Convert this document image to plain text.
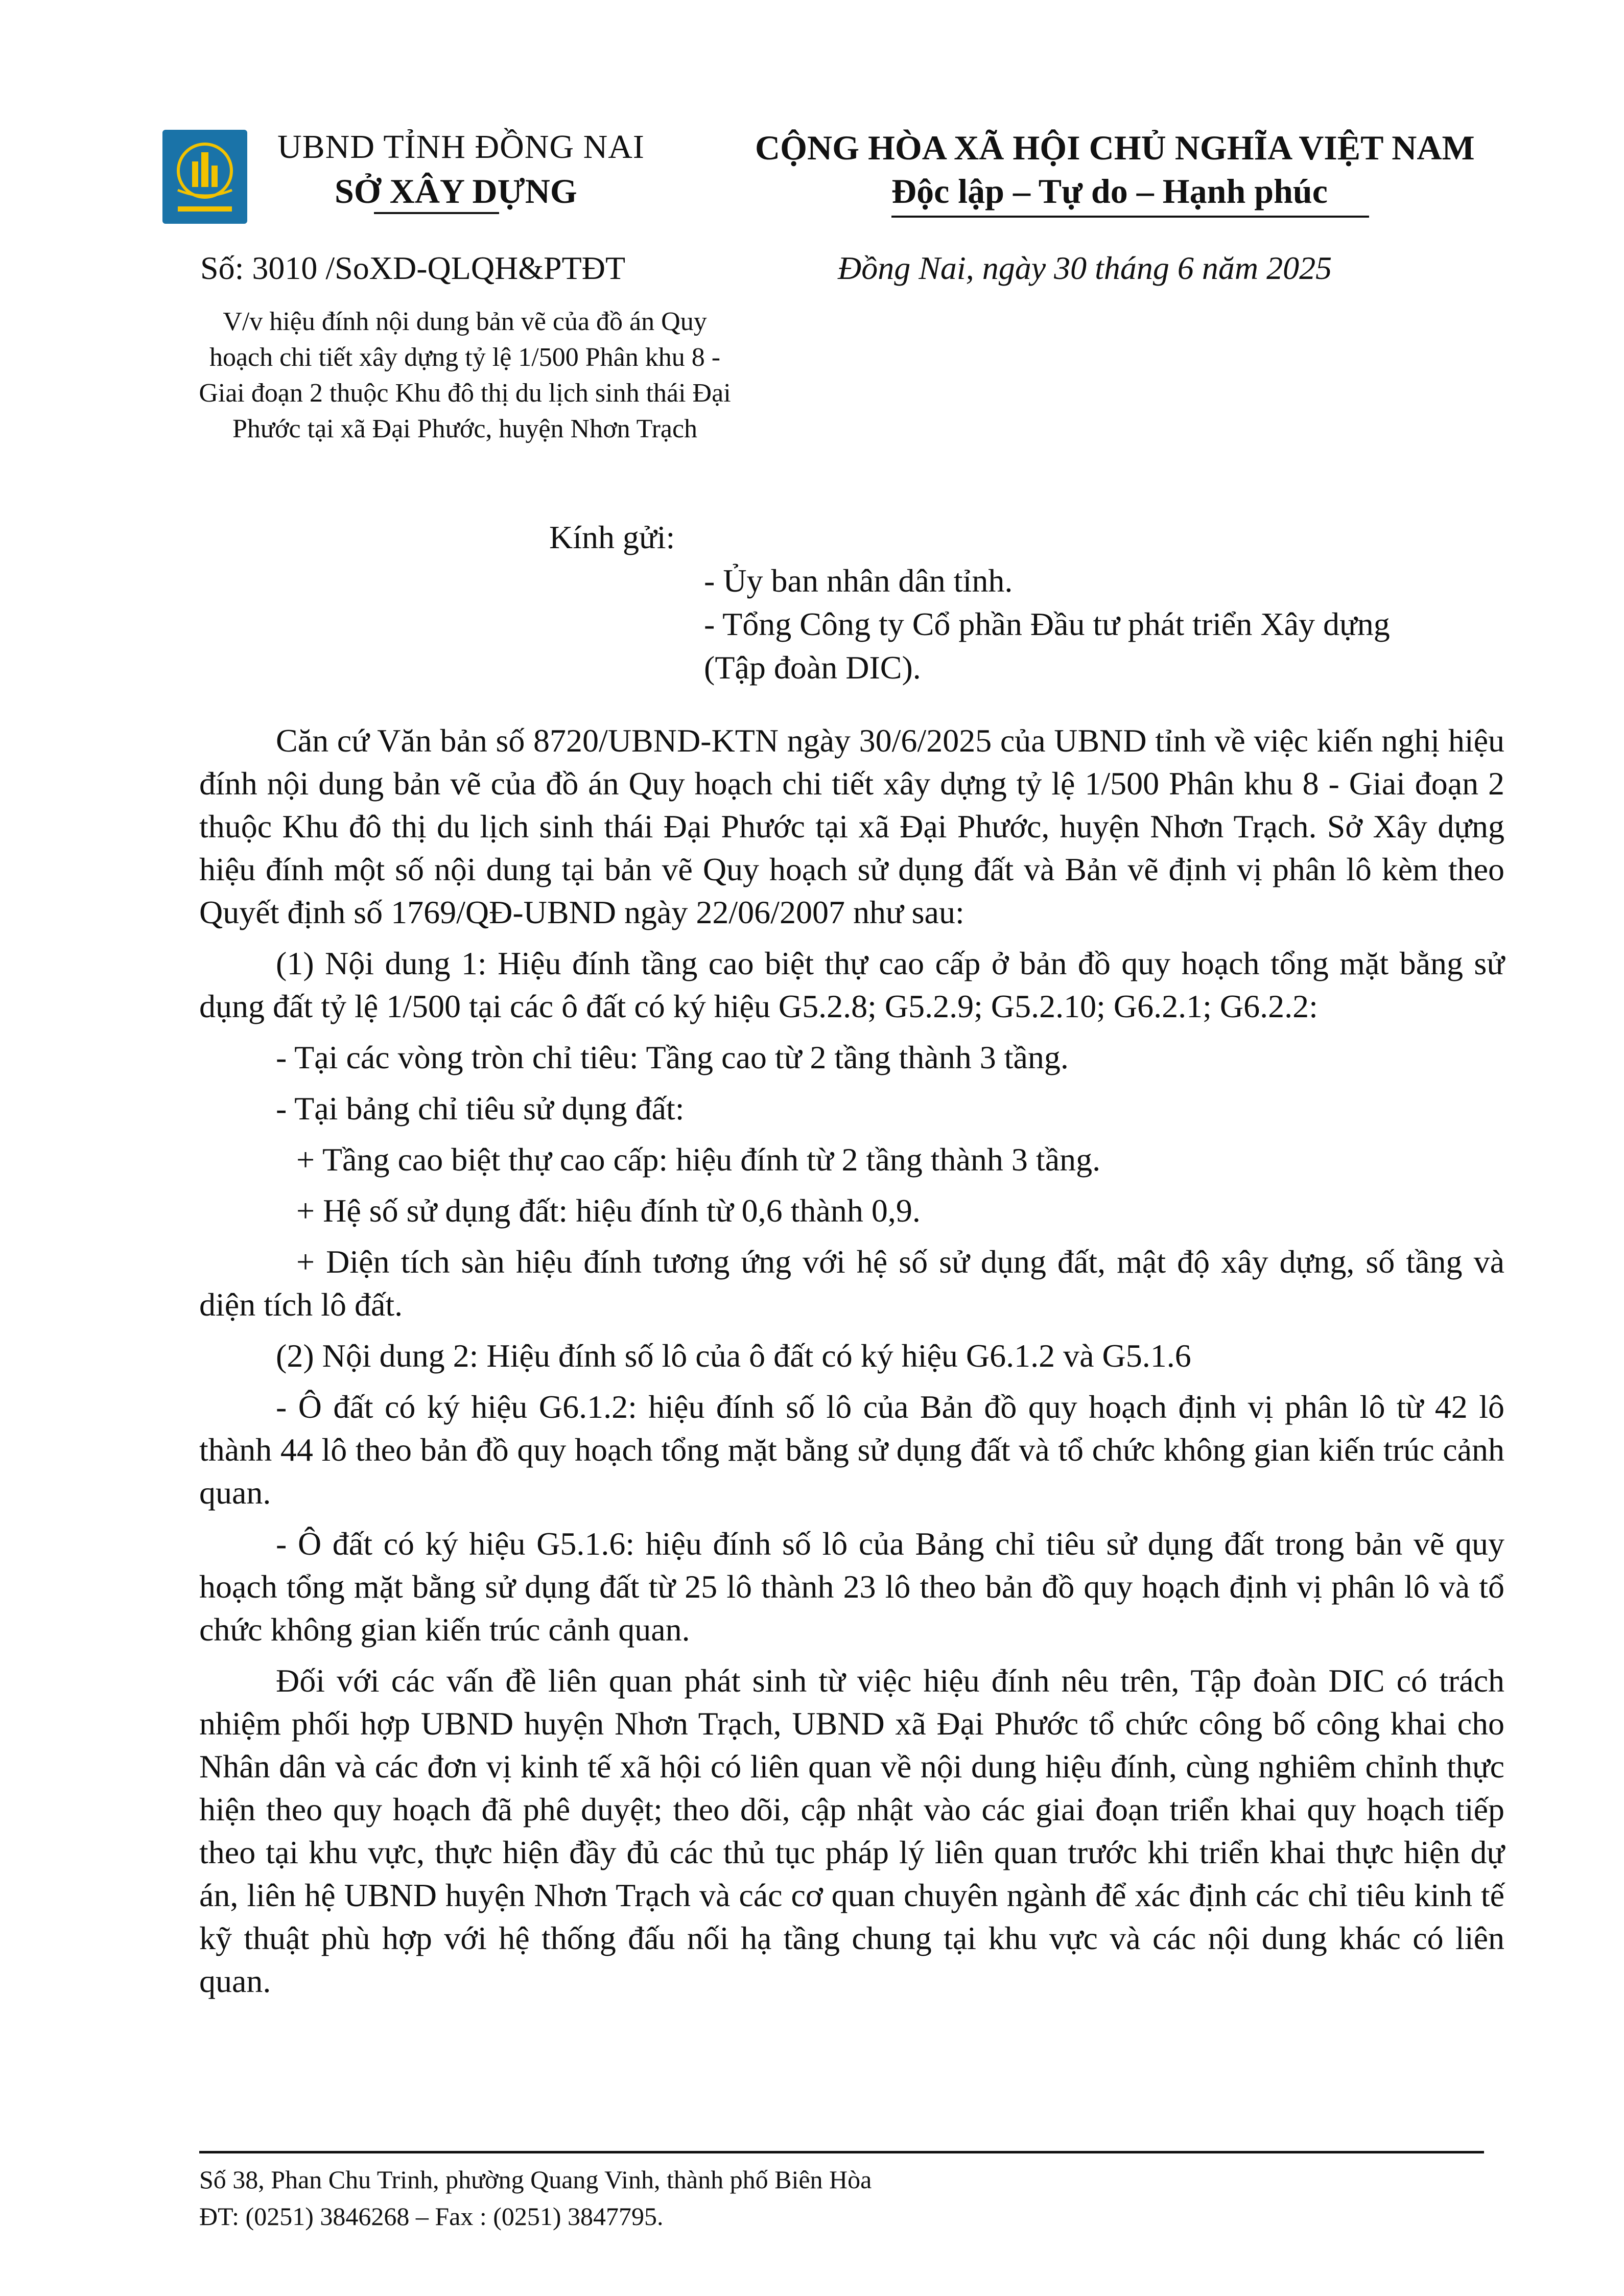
UBND TỈNH ĐỒNG NAI
SỞ XÂY DỰNG
CỘNG HÒA XÃ HỘI CHỦ NGHĨA VIỆT NAM
Độc lập – Tự do – Hạnh phúc
Số: 3010 /SoXD-QLQH&PTĐT	Đồng Nai, ngày 30 tháng 6 năm 2025
V/v hiệu đính nội dung bản vẽ của đồ án Quy hoạch chi tiết xây dựng tỷ lệ 1/500 Phân khu 8 - Giai đoạn 2 thuộc Khu đô thị du lịch sinh thái Đại Phước tại xã Đại Phước, huyện Nhơn Trạch
Kính gửi:
- Ủy ban nhân dân tỉnh.
- Tổng Công ty Cổ phần Đầu tư phát triển Xây dựng
(Tập đoàn DIC).

Căn cứ Văn bản số 8720/UBND-KTN ngày 30/6/2025 của UBND tỉnh về việc kiến nghị hiệu đính nội dung bản vẽ của đồ án Quy hoạch chi tiết xây dựng tỷ lệ 1/500 Phân khu 8 - Giai đoạn 2 thuộc Khu đô thị du lịch sinh thái Đại Phước tại xã Đại Phước, huyện Nhơn Trạch. Sở Xây dựng hiệu đính một số nội dung tại bản vẽ Quy hoạch sử dụng đất và Bản vẽ định vị phân lô kèm theo Quyết định số 1769/QĐ-UBND ngày 22/06/2007 như sau:

(1) Nội dung 1: Hiệu đính tầng cao biệt thự cao cấp ở bản đồ quy hoạch tổng mặt bằng sử dụng đất tỷ lệ 1/500 tại các ô đất có ký hiệu G5.2.8; G5.2.9; G5.2.10; G6.2.1; G6.2.2:

- Tại các vòng tròn chỉ tiêu: Tầng cao từ 2 tầng thành 3 tầng.

- Tại bảng chỉ tiêu sử dụng đất:

+ Tầng cao biệt thự cao cấp: hiệu đính từ 2 tầng thành 3 tầng.

+ Hệ số sử dụng đất: hiệu đính từ 0,6 thành 0,9.

+ Diện tích sàn hiệu đính tương ứng với hệ số sử dụng đất, mật độ xây dựng, số tầng và diện tích lô đất.

(2) Nội dung 2: Hiệu đính số lô của ô đất có ký hiệu G6.1.2 và G5.1.6

- Ô đất có ký hiệu G6.1.2: hiệu đính số lô của Bản đồ quy hoạch định vị phân lô từ 42 lô thành 44 lô theo bản đồ quy hoạch tổng mặt bằng sử dụng đất và tổ chức không gian kiến trúc cảnh quan.

- Ô đất có ký hiệu G5.1.6: hiệu đính số lô của Bảng chỉ tiêu sử dụng đất trong bản vẽ quy hoạch tổng mặt bằng sử dụng đất từ 25 lô thành 23 lô theo bản đồ quy hoạch định vị phân lô và tổ chức không gian kiến trúc cảnh quan.

Đối với các vấn đề liên quan phát sinh từ việc hiệu đính nêu trên, Tập đoàn DIC có trách nhiệm phối hợp UBND huyện Nhơn Trạch, UBND xã Đại Phước tổ chức công bố công khai cho Nhân dân và các đơn vị kinh tế xã hội có liên quan về nội dung hiệu đính, cùng nghiêm chỉnh thực hiện theo quy hoạch đã phê duyệt; theo dõi, cập nhật vào các giai đoạn triển khai quy hoạch tiếp theo tại khu vực, thực hiện đầy đủ các thủ tục pháp lý liên quan trước khi triển khai thực hiện dự án, liên hệ UBND huyện Nhơn Trạch và các cơ quan chuyên ngành để xác định các chỉ tiêu kinh tế kỹ thuật phù hợp với hệ thống đấu nối hạ tầng chung tại khu vực và các nội dung khác có liên quan.

Số 38, Phan Chu Trinh, phường Quang Vinh, thành phố Biên Hòa
ĐT: (0251) 3846268 – Fax : (0251) 3847795.
